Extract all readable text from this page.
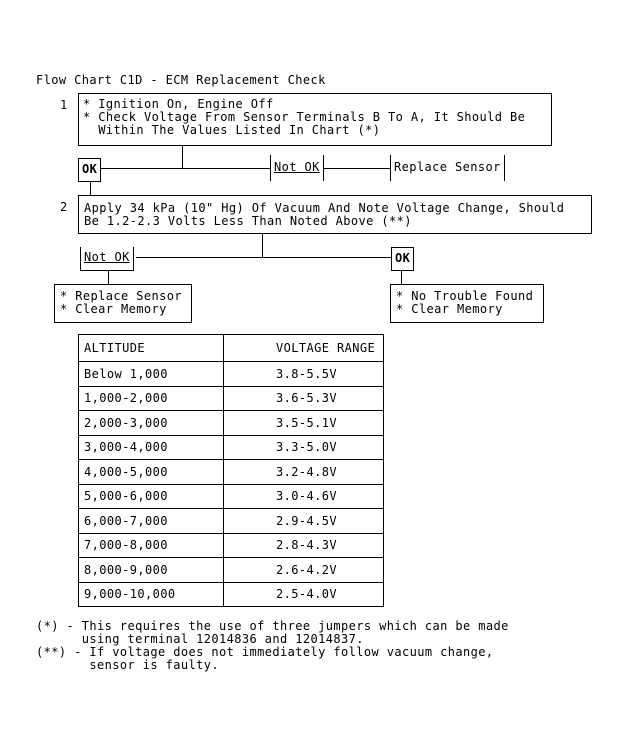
Flow Chart C1D - ECM Replacement Check
1 * Ignition On, Engine Off
* Check Voltage From Sensor Terminals B To A, It Should Be
Within The Values Listed In Chart (*)
OK	Not OK	Replace Sensor
2 Apply 34 kPa (10" Hg) Of Vacuum And Note Voltage Change, Should
Be 1.2-2.3 Volts Less Than Noted Above (**)
Not OK	OK
* Replace Sensor
* Clear Memory
* No Trouble Found
* Clear Memory
ALTITUDE	VOLTAGE RANGE
Below 1,000	3.8-5.5V
1,000-2,000	3.6-5.3V
2,000-3,000	3.5-5.1V
3,000-4,000	3.3-5.0V
4,000-5,000	3.2-4.8V
5,000-6,000	3.0-4.6V
6,000-7,000	2.9-4.5V
7,000-8,000	2.8-4.3V
8,000-9,000	2.6-4.2V
9,000-10,000	2.5-4.0V
(*) - This requires the use of three jumpers which can be made
using terminal 12014836 and 12014837.
(**) - If voltage does not immediately follow vacuum change,
sensor is faulty.
